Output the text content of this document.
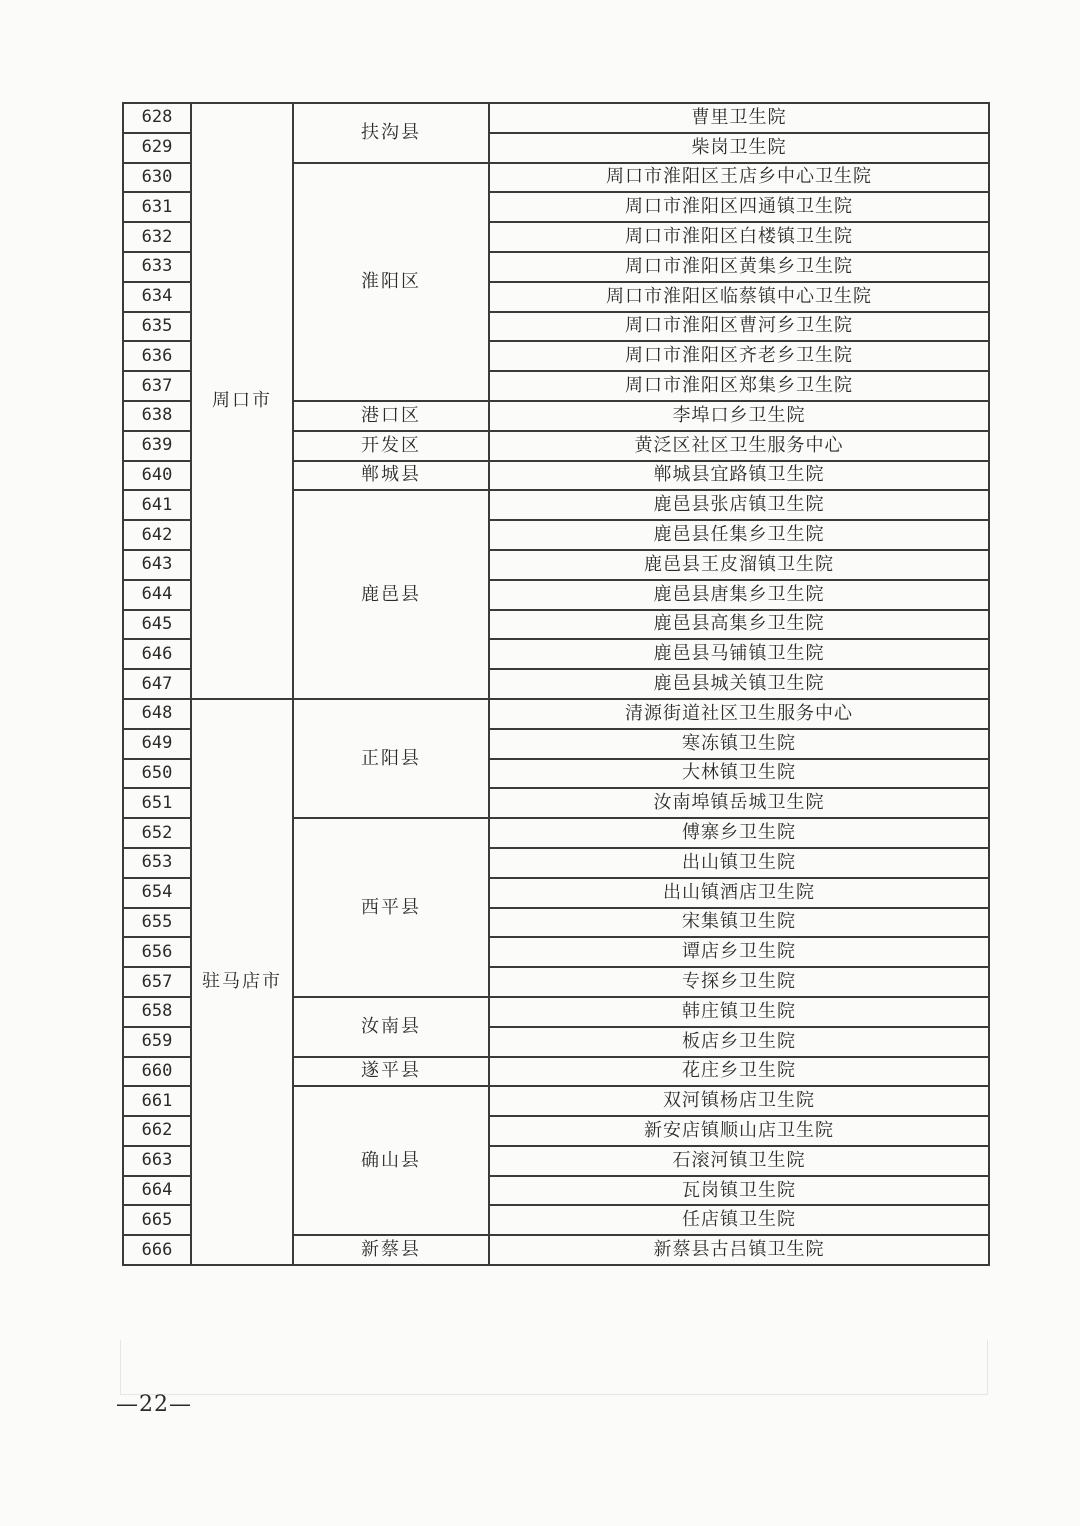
628	周口市	扶沟县	曹里卫生院
629			柴岗卫生院
630		淮阳区	周口市淮阳区王店乡中心卫生院
631			周口市淮阳区四通镇卫生院
632			周口市淮阳区白楼镇卫生院
633			周口市淮阳区黄集乡卫生院
634			周口市淮阳区临蔡镇中心卫生院
635			周口市淮阳区曹河乡卫生院
636			周口市淮阳区齐老乡卫生院
637			周口市淮阳区郑集乡卫生院
638		港口区	李埠口乡卫生院
639		开发区	黄泛区社区卫生服务中心
640		郸城县	郸城县宜路镇卫生院
641		鹿邑县	鹿邑县张店镇卫生院
642			鹿邑县任集乡卫生院
643			鹿邑县王皮溜镇卫生院
644			鹿邑县唐集乡卫生院
645			鹿邑县高集乡卫生院
646			鹿邑县马铺镇卫生院
647			鹿邑县城关镇卫生院
648	驻马店市	正阳县	清源街道社区卫生服务中心
649			寒冻镇卫生院
650			大林镇卫生院
651			汝南埠镇岳城卫生院
652		西平县	傅寨乡卫生院
653			出山镇卫生院
654			出山镇酒店卫生院
655			宋集镇卫生院
656			谭店乡卫生院
657			专探乡卫生院
658		汝南县	韩庄镇卫生院
659			板店乡卫生院
660		遂平县	花庄乡卫生院
661		确山县	双河镇杨店卫生院
662			新安店镇顺山店卫生院
663			石滚河镇卫生院
664			瓦岗镇卫生院
665			任店镇卫生院
666		新蔡县	新蔡县古吕镇卫生院
—22—
